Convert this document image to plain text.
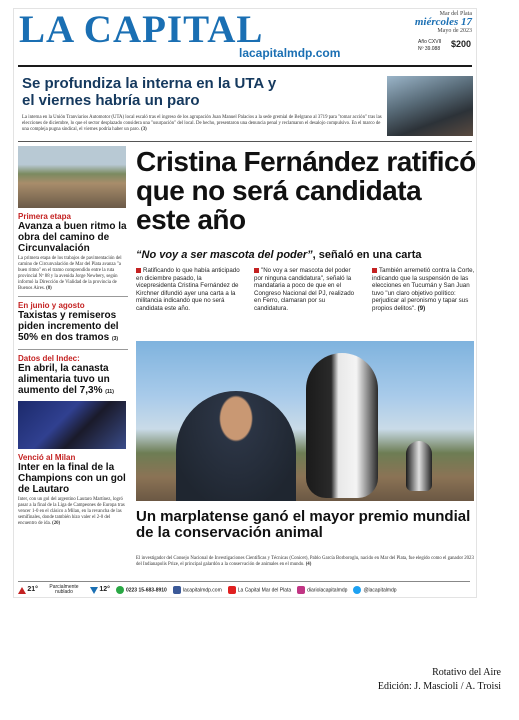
LA CAPITAL
lacapitalmdp.com
Mar del Plata
miércoles 17
Mayo de 2023
Año CXVII
Nº 39.088 $200
Se profundiza la interna en la UTA y el viernes habría un paro
La interna en la Unión Tranviarios Automotor (UTA) local escaló tras el ingreso de los agrupación Juan Manuel Palacios a la sede gremial de Belgrano al 3719 para "tomar acción" tras las elecciones de diciembre, lo que el sector desplazado considera una "usurpación" del local. De hecho, presentaron una denuncia penal y reclamaron el desalojo compulsivo. En el marco de una compleja pugna sindical, el viernes podría haber un paro. (3)
Primera etapa
Avanza a buen ritmo la obra del camino de Circunvalación
La primera etapa de los trabajos de pavimentación del camino de Circunvalación de Mar del Plata avanza "a buen ritmo" en el tramo comprendido entre la ruta provincial Nº 88 y la avenida Jorge Newbery, según informó la Dirección de Vialidad de la provincia de Buenos Aires. (8)
En junio y agosto
Taxistas y remiseros piden incremento del 50% en dos tramos (3)
Datos del Indec:
En abril, la canasta alimentaria tuvo un aumento del 7,3% (11)
Venció al Milan
Inter en la final de la Champions con un gol de Lautaro
Inter, con un gol del argentino Lautaro Martínez, logró pasar a la final de la Liga de Campeones de Europa tras vencer 1-0 en el clásico a Milan, en la revancha de las semifinales, donde también hizo valer el 2-0 del encuentro de ida. (20)
Cristina Fernández ratificó que no será candidata este año
“No voy a ser mascota del poder”, señaló en una carta
Ratificando lo que había anticipado en diciembre pasado, la vicepresidenta Cristina Fernández de Kirchner difundió ayer una carta a la militancia indicando que no será candidata este año.
"No voy a ser mascota del poder por ninguna candidatura", señaló la mandataria a poco de que en el Congreso Nacional del PJ, realizado en Ferro, clamaran por su candidatura.
También arremetió contra la Corte, indicando que la suspensión de las elecciones en Tucumán y San Juan tuvo "un claro objetivo político: perjudicar al peronismo y tapar sus propios delitos". (9)
Un marplatense ganó el mayor premio mundial de la conservación animal
El investigador del Consejo Nacional de Investigaciones Científicas y Técnicas (Conicet), Pablo García Borboroglu, nacido en Mar del Plata, fue elegido como el ganador 2023 del Indianapolis Prize, el principal galardón a la conservación de animales en el mundo. (4)
21°	Parcialmente nublado	12°	0223 15-683-8910	lacapitalmdp.com	La Capital Mar del Plata	diariolacapitalmdp	@lacapitalmdp
Rotativo del Aire
Edición: J. Mascioli / A. Troisi
